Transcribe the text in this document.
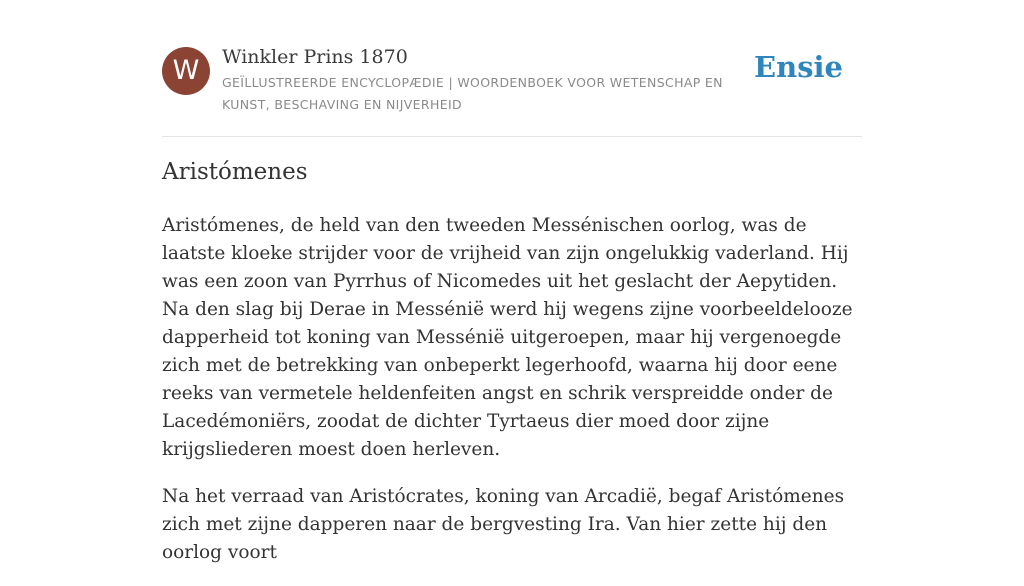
W	Winkler Prins 1870
GEÏLLUSTREERDE ENCYCLOPÆDIE | WOORDENBOEK VOOR WETENSCHAP EN KUNST, BESCHAVING EN NIJVERHEID
Ensie
Aristómenes

Aristómenes, de held van den tweeden Messénischen oorlog, was de laatste kloeke strijder voor de vrijheid van zijn ongelukkig vaderland. Hij was een zoon van Pyrrhus of Nicomedes uit het geslacht der Aepytiden. Na den slag bij Derae in Messénië werd hij wegens zijne voorbeeldelooze dapperheid tot koning van Messénië uitgeroepen, maar hij vergenoegde zich met de betrekking van onbeperkt legerhoofd, waarna hij door eene reeks van vermetele heldenfeiten angst en schrik verspreidde onder de Lacedémoniërs, zoodat de dichter Tyrtaeus dier moed door zijne krijgsliederen moest doen herleven.

Na het verraad van Aristócrates, koning van Arcadië, begaf Aristómenes zich met zijne dapperen naar de bergvesting Ira. Van hier zette hij den oorlog voort
